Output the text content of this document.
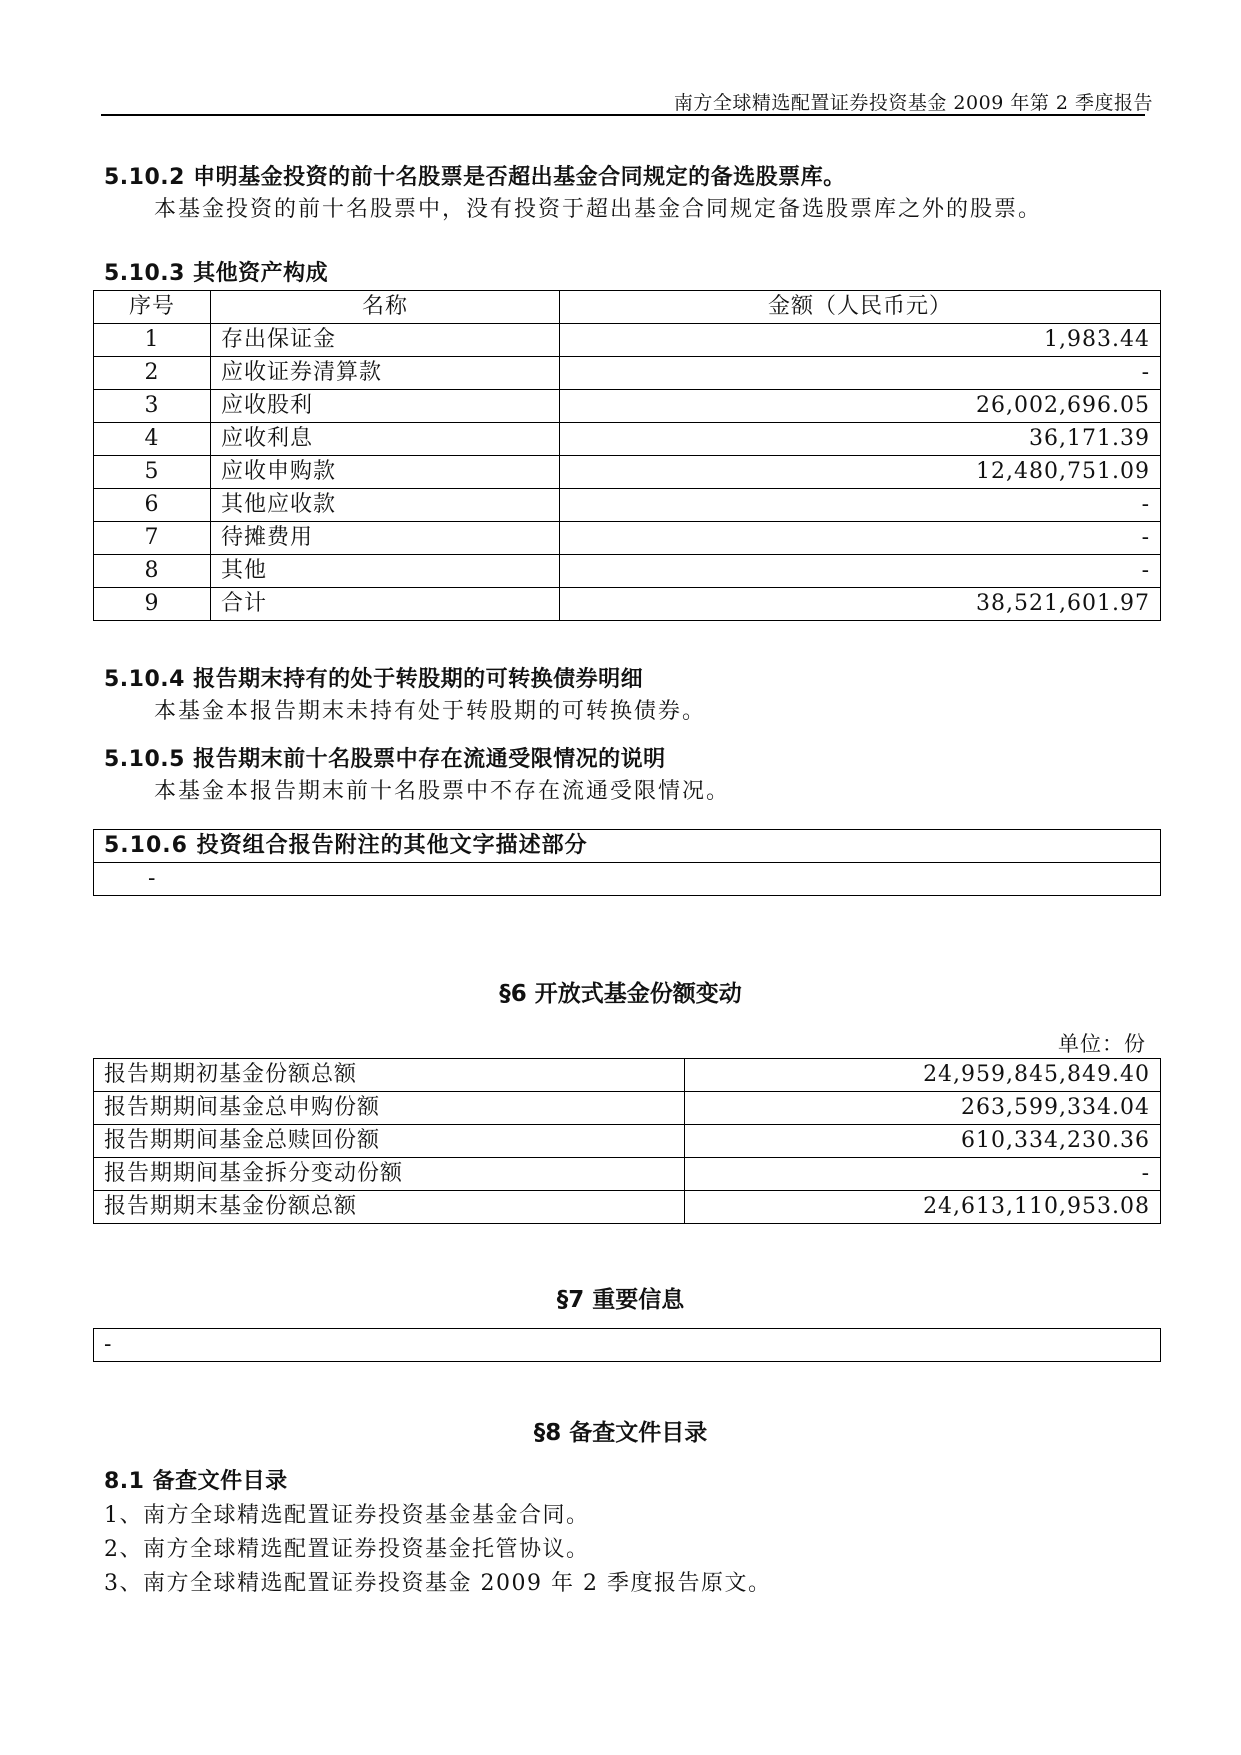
南方全球精选配置证券投资基金 2009 年第 2 季度报告
5.10.2 申明基金投资的前十名股票是否超出基金合同规定的备选股票库。
本基金投资的前十名股票中，没有投资于超出基金合同规定备选股票库之外的股票。
5.10.3 其他资产构成
序号	名称	金额（人民币元）
1	存出保证金	1,983.44
2	应收证券清算款	-
3	应收股利	26,002,696.05
4	应收利息	36,171.39
5	应收申购款	12,480,751.09
6	其他应收款	-
7	待摊费用	-
8	其他	-
9	合计	38,521,601.97
5.10.4 报告期末持有的处于转股期的可转换债券明细
本基金本报告期末未持有处于转股期的可转换债券。
5.10.5 报告期末前十名股票中存在流通受限情况的说明
本基金本报告期末前十名股票中不存在流通受限情况。
5.10.6 投资组合报告附注的其他文字描述部分
-
§6 开放式基金份额变动
单位：份
报告期期初基金份额总额	24,959,845,849.40
报告期期间基金总申购份额	263,599,334.04
报告期期间基金总赎回份额	610,334,230.36
报告期期间基金拆分变动份额	-
报告期期末基金份额总额	24,613,110,953.08
§7 重要信息
-
§8 备查文件目录
8.1 备查文件目录
1、南方全球精选配置证券投资基金基金合同。
2、南方全球精选配置证券投资基金托管协议。
3、南方全球精选配置证券投资基金 2009 年 2 季度报告原文。
